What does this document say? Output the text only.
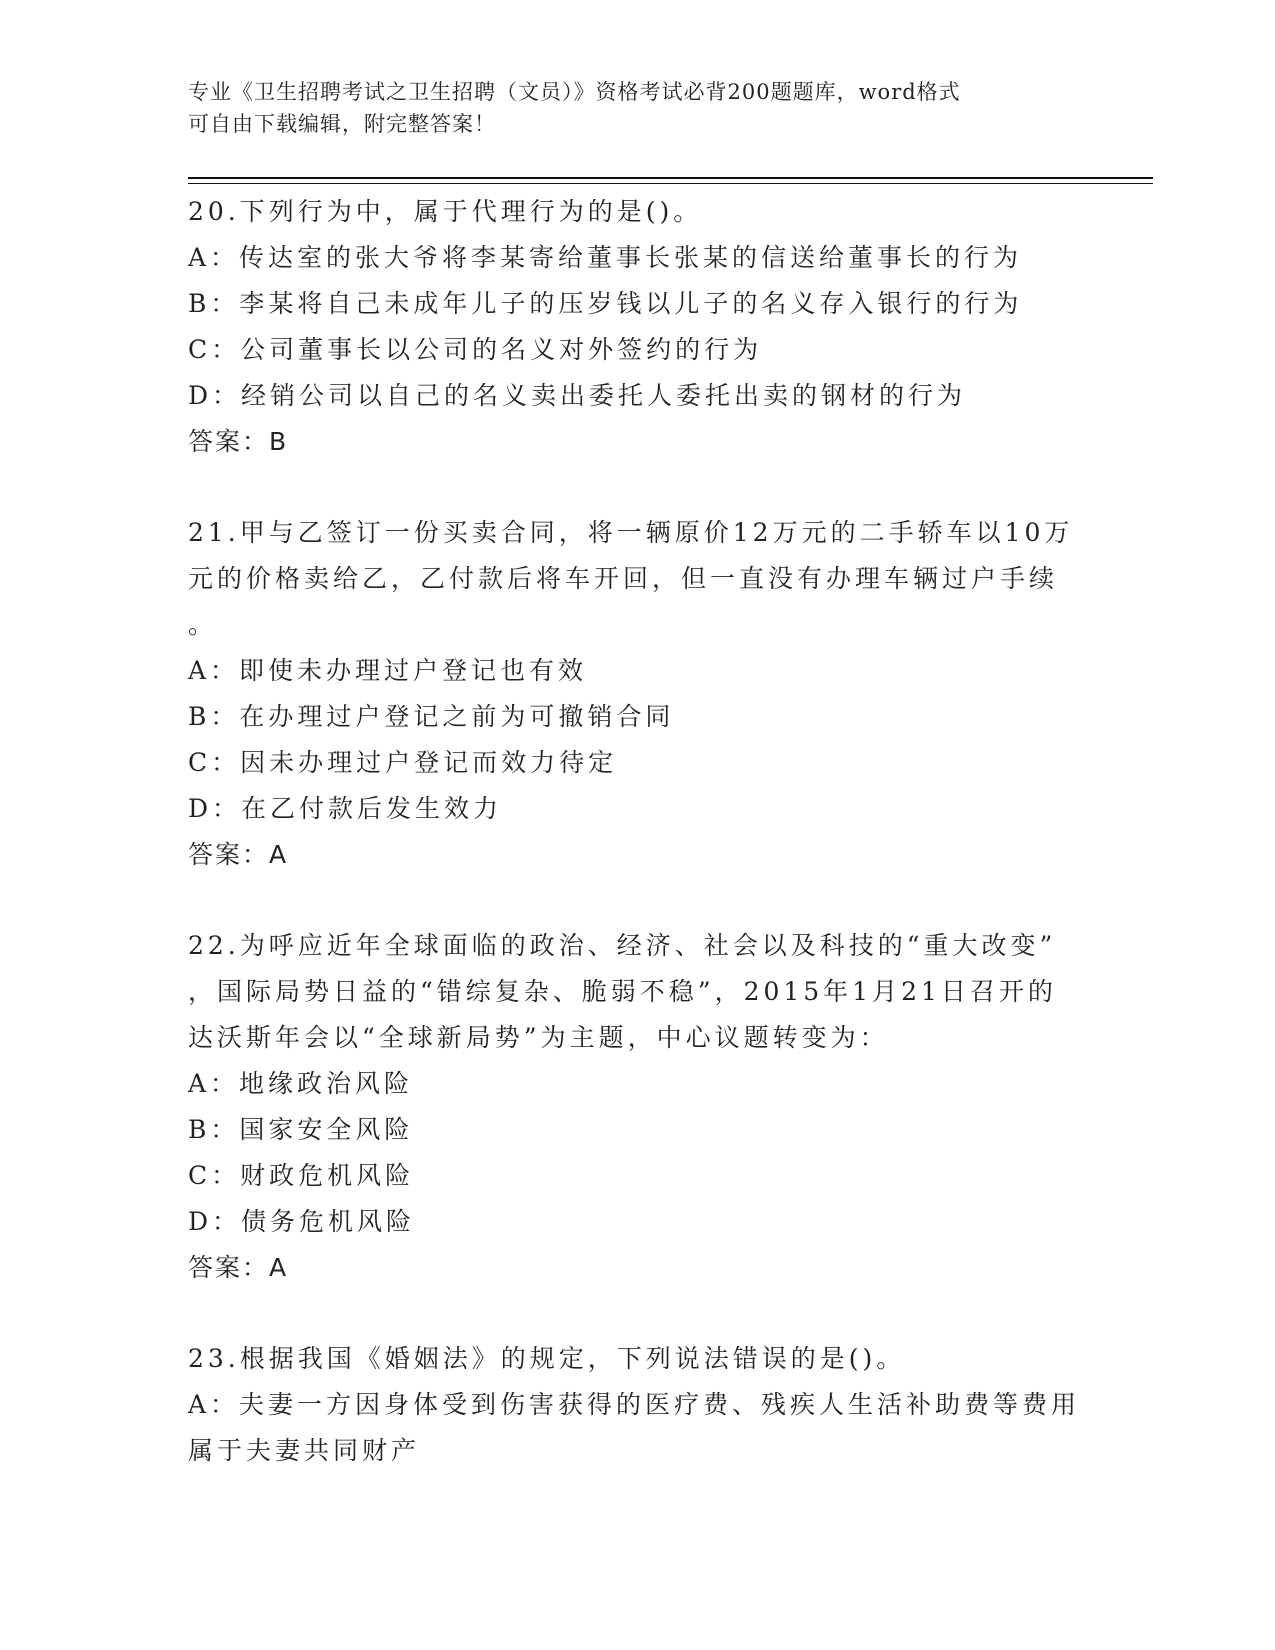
专业《卫生招聘考试之卫生招聘（文员）》资格考试必背200题题库，word格式
可自由下载编辑，附完整答案！
20.下列行为中，属于代理行为的是()。
A：传达室的张大爷将李某寄给董事长张某的信送给董事长的行为
B：李某将自己未成年儿子的压岁钱以儿子的名义存入银行的行为
C：公司董事长以公司的名义对外签约的行为
D：经销公司以自己的名义卖出委托人委托出卖的钢材的行为
答案：B
21.甲与乙签订一份买卖合同，将一辆原价12万元的二手轿车以10万
元的价格卖给乙，乙付款后将车开回，但一直没有办理车辆过户手续
。
A：即使未办理过户登记也有效
B：在办理过户登记之前为可撤销合同
C：因未办理过户登记而效力待定
D：在乙付款后发生效力
答案：A
22.为呼应近年全球面临的政治、经济、社会以及科技的“重大改变”
，国际局势日益的“错综复杂、脆弱不稳”，2015年1月21日召开的
达沃斯年会以“全球新局势”为主题，中心议题转变为：
A：地缘政治风险
B：国家安全风险
C：财政危机风险
D：债务危机风险
答案：A
23.根据我国《婚姻法》的规定，下列说法错误的是()。
A：夫妻一方因身体受到伤害获得的医疗费、残疾人生活补助费等费用
属于夫妻共同财产
